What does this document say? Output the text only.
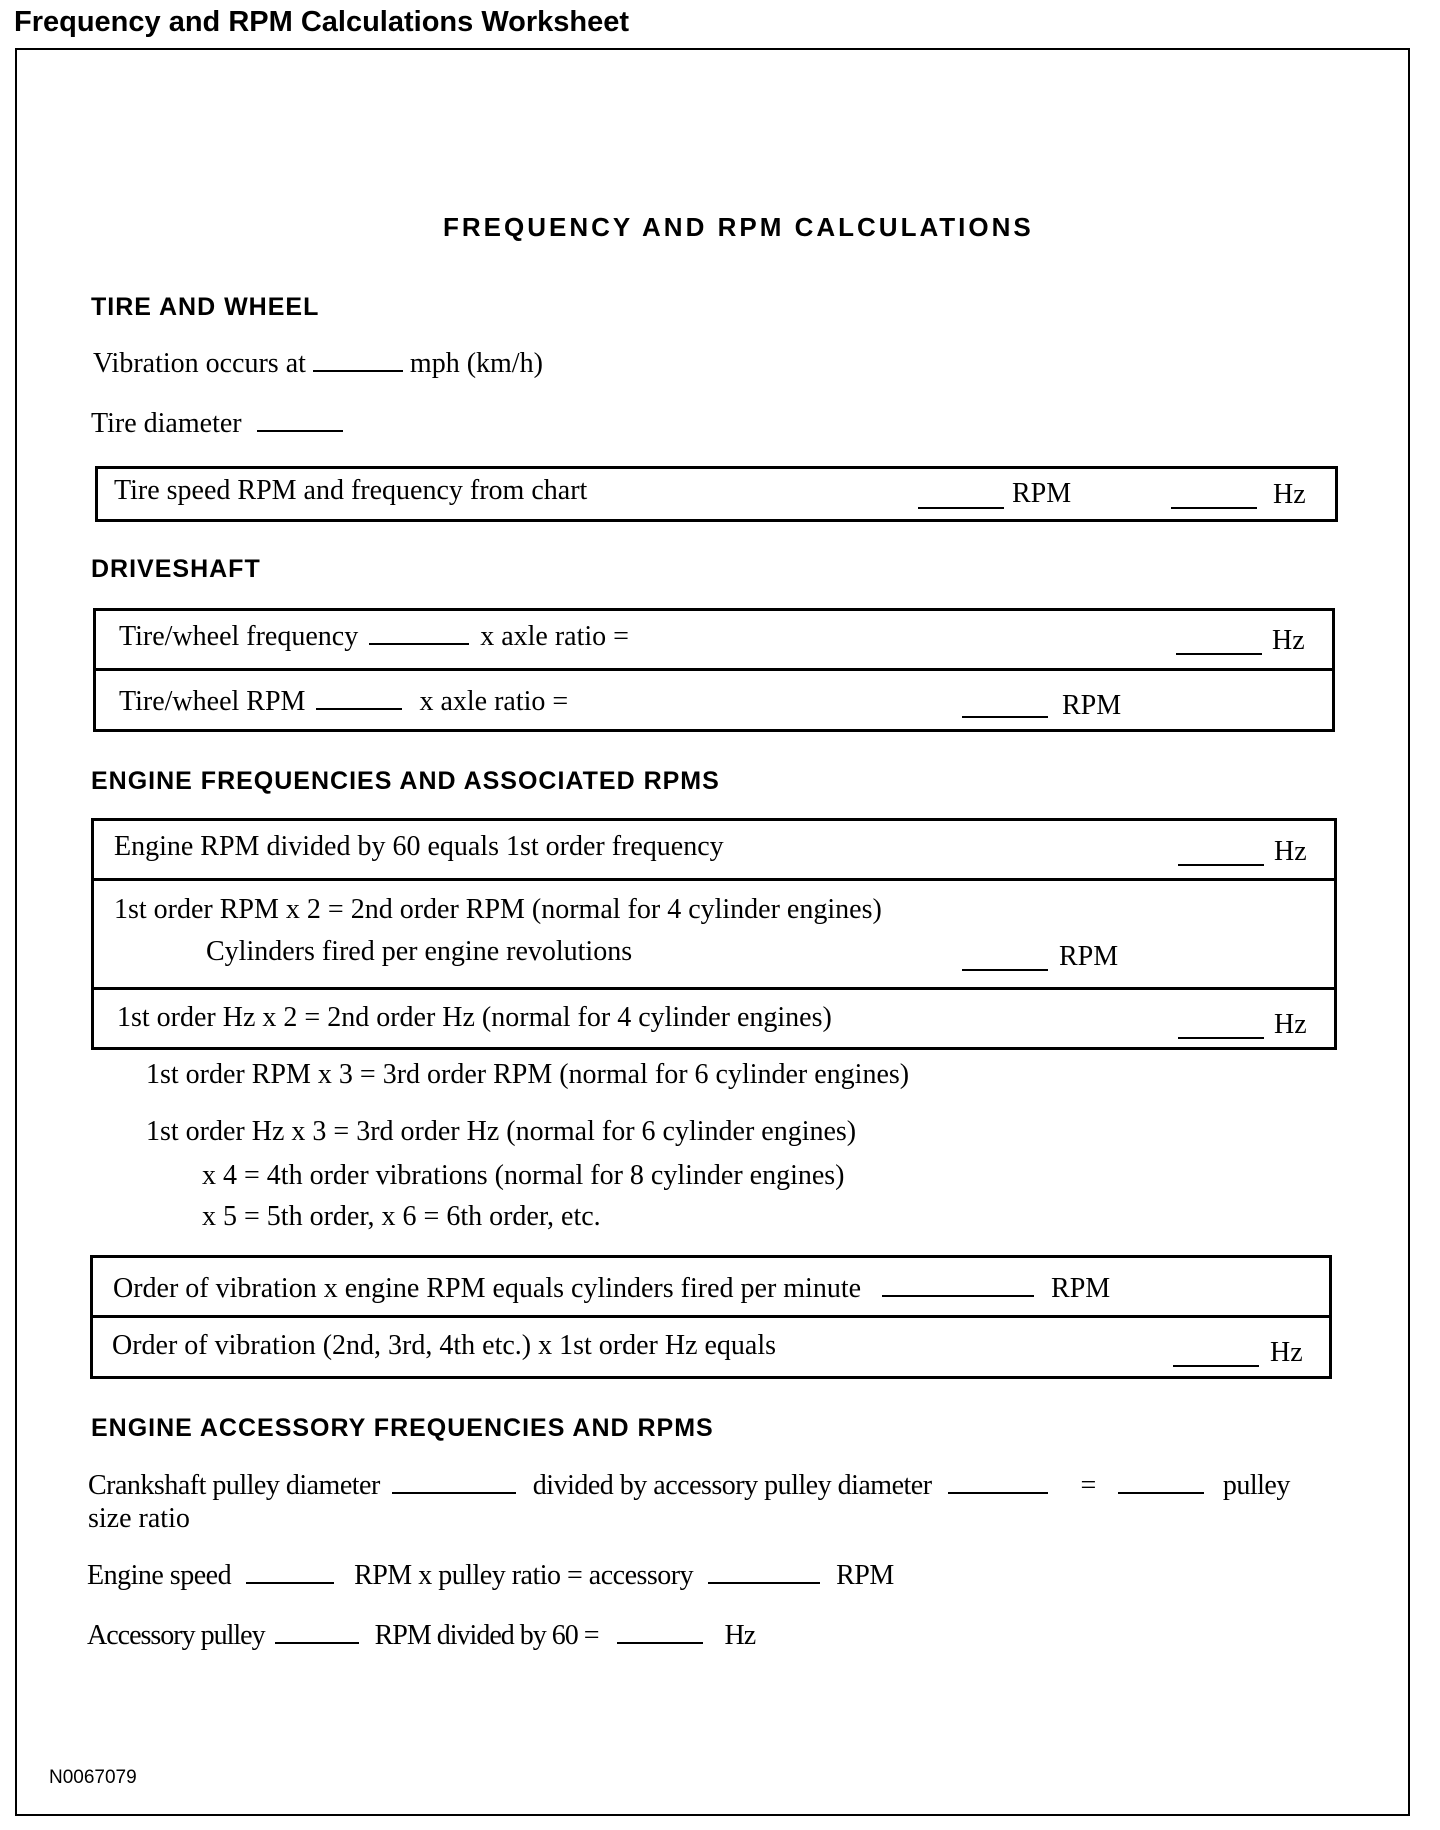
Frequency and RPM Calculations Worksheet
FREQUENCY AND RPM CALCULATIONS
TIRE AND WHEEL
Vibration occurs at	mph (km/h)
Tire diameter
Tire speed RPM and frequency from chart	RPM	Hz
DRIVESHAFT
Tire/wheel frequency	x axle ratio =	Hz
Tire/wheel RPM	x axle ratio =	RPM
ENGINE FREQUENCIES AND ASSOCIATED RPMS
Engine RPM divided by 60 equals 1st order frequency	Hz
1st order RPM x 2 = 2nd order RPM (normal for 4 cylinder engines)
Cylinders fired per engine revolutions	RPM
1st order Hz x 2 = 2nd order Hz (normal for 4 cylinder engines)	Hz
1st order RPM x 3 = 3rd order RPM (normal for 6 cylinder engines)
1st order Hz x 3 = 3rd order Hz (normal for 6 cylinder engines)
x 4 = 4th order vibrations (normal for 8 cylinder engines)
x 5 = 5th order, x 6 = 6th order, etc.
Order of vibration x engine RPM equals cylinders fired per minute	RPM
Order of vibration (2nd, 3rd, 4th etc.) x 1st order Hz equals	Hz
ENGINE ACCESSORY FREQUENCIES AND RPMS
Crankshaft pulley diameter	divided by accessory pulley diameter	=	pulley
size ratio
Engine speed	RPM x pulley ratio = accessory	RPM
Accessory pulley	RPM divided by 60 =	Hz
N0067079
